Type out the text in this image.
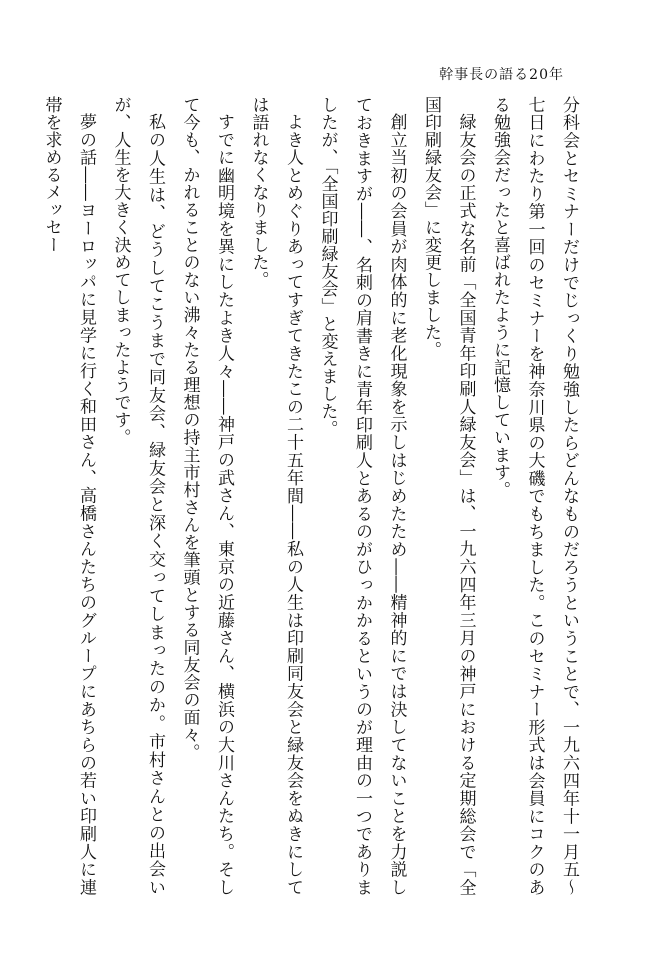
幹事長の語る20年

分科会とセミナーだけでじっくり勉強したらどんなものだろうということで、一九六四年十一月五〜七日にわたり第一回のセミナーを神奈川県の大磯でもちました。このセミナー形式は会員にコクのある勉強会だったと喜ばれたように記憶しています。

緑友会の正式な名前「全国青年印刷人緑友会」は、一九六四年三月の神戸における定期総会で「全国印刷緑友会」に変更しました。

創立当初の会員が肉体的に老化現象を示しはじめたため――精神的にでは決してないことを力説しておきますが――、名刺の肩書きに青年印刷人とあるのがひっかかるというのが理由の一つでありましたが、「全国印刷緑友会」と変えました。

よき人とめぐりあってすぎてきたこの二十五年間――私の人生は印刷同友会と緑友会をぬきにしては語れなくなりました。

すでに幽明境を異にしたよき人々――神戸の武さん、東京の近藤さん、横浜の大川さんたち。そして今も、かれることのない沸々たる理想の持主市村さんを筆頭とする同友会の面々。

私の人生は、どうしてこうまで同友会、緑友会と深く交ってしまったのか。市村さんとの出会いが、人生を大きく決めてしまったようです。

夢の話――ヨーロッパに見学に行く和田さん、高橋さんたちのグループにあちらの若い印刷人に連帯を求めるメッセー
